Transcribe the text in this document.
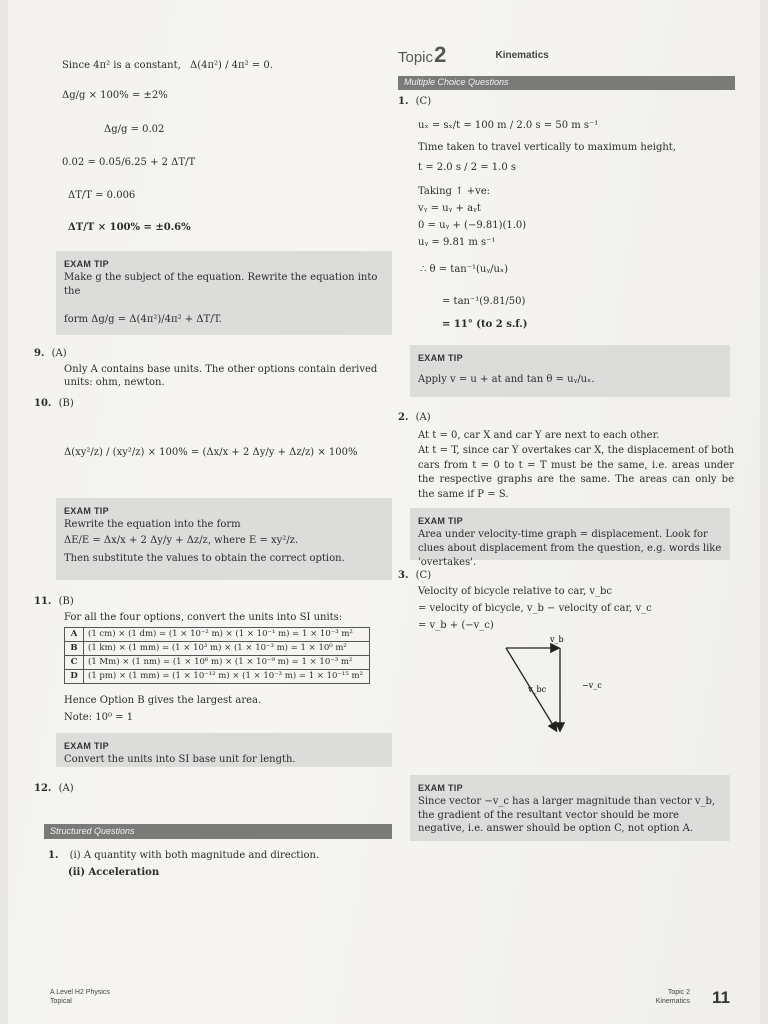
Since 4π² is a constant, Δ(4π²) / 4π² = 0.
Δg/g × 100% = ±2%
Δg/g = 0.02
0.02 = 0.05/6.25 + 2 ΔT/T
ΔT/T = 0.006
ΔT/T × 100% = ±0.6%
EXAM TIP
Make g the subject of the equation. Rewrite the equation into the
form Δg/g = Δ(4π²)/4π² + ΔT/T.
9. (A)
Only A contains base units. The other options contain derived units: ohm, newton.
10. (B)
Δ(xy²/z) / (xy²/z) × 100% = (Δx/x + 2 Δy/y + Δz/z) × 100%
EXAM TIP
Rewrite the equation into the form
ΔE/E = Δx/x + 2 Δy/y + Δz/z, where E = xy²/z.
Then substitute the values to obtain the correct option.
11. (B)
For all the four options, convert the units into SI units:
A	(1 cm) × (1 dm) = (1 × 10⁻² m) × (1 × 10⁻¹ m) = 1 × 10⁻³ m²
B	(1 km) × (1 mm) = (1 × 10³ m) × (1 × 10⁻³ m) = 1 × 10⁰ m²
C	(1 Mm) × (1 nm) = (1 × 10⁶ m) × (1 × 10⁻⁹ m) = 1 × 10⁻³ m²
D	(1 pm) × (1 mm) = (1 × 10⁻¹² m) × (1 × 10⁻³ m) = 1 × 10⁻¹⁵ m²
Hence Option B gives the largest area.
Note: 10⁰ = 1
EXAM TIP
Convert the units into SI base unit for length.
12. (A)
Structured Questions
1. (i) A quantity with both magnitude and direction.
(ii) Acceleration
Topic 2	$^{Kinematics}$
Multiple Choice Questions
1. (C)
uₓ = sₓ/t = 100 m / 2.0 s = 50 m s⁻¹
Time taken to travel vertically to maximum height,
t = 2.0 s / 2 = 1.0 s
Taking ↑ +ve:
vᵧ = uᵧ + aᵧt
0 = uᵧ + (−9.81)(1.0)
uᵧ = 9.81 m s⁻¹
∴ θ = tan⁻¹(uᵧ/uₓ)
= tan⁻¹(9.81/50)
= 11° (to 2 s.f.)
EXAM TIP
Apply v = u + at and tan θ = uᵧ/uₓ.
2. (A)
At t = 0, car X and car Y are next to each other.
At t = T, since car Y overtakes car X, the displacement of both cars from t = 0 to t = T must be the same, i.e. areas under the respective graphs are the same. The areas can only be the same if P = S.
EXAM TIP
Area under velocity-time graph = displacement. Look for clues about displacement from the question, e.g. words like 'overtakes'.
3. (C)
Velocity of bicycle relative to car, v_bc
= velocity of bicycle, v_b − velocity of car, v_c
= v_b + (−v_c)
v_b
v_bc	−v_c
EXAM TIP
Since vector −v_c has a larger magnitude than vector v_b, the gradient of the resultant vector should be more negative, i.e. answer should be option C, not option A.
A Level H2 Physics
Topical
Topic 2
Kinematics 11
